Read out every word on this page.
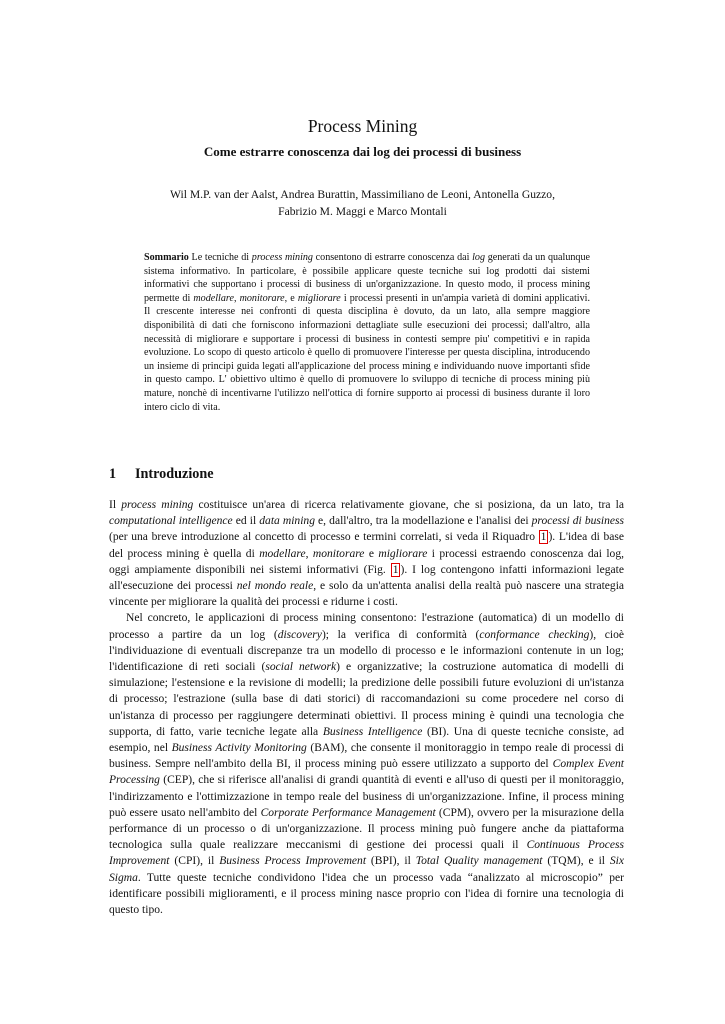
Process Mining
Come estrarre conoscenza dai log dei processi di business
Wil M.P. van der Aalst, Andrea Burattin, Massimiliano de Leoni, Antonella Guzzo,
Fabrizio M. Maggi e Marco Montali
Sommario Le tecniche di process mining consentono di estrarre conoscenza dai log generati da un qualunque sistema informativo. In particolare, è possibile applicare queste tecniche sui log prodotti dai sistemi informativi che supportano i processi di business di un'organizzazione. In questo modo, il process mining permette di modellare, monitorare, e migliorare i processi presenti in un'ampia varietà di domini applicativi. Il crescente interesse nei confronti di questa disciplina è dovuto, da un lato, alla sempre maggiore disponibilità di dati che forniscono informazioni dettagliate sulle esecuzioni dei processi; dall'altro, alla necessità di migliorare e supportare i processi di business in contesti sempre piu' competitivi e in rapida evoluzione. Lo scopo di questo articolo è quello di promuovere l'interesse per questa disciplina, introducendo un insieme di principi guida legati all'applicazione del process mining e individuando nuove importanti sfide in questo campo. L' obiettivo ultimo è quello di promuovere lo sviluppo di tecniche di process mining più mature, nonchè di incentivarne l'utilizzo nell'ottica di fornire supporto ai processi di business durante il loro intero ciclo di vita.
1 Introduzione

Il process mining costituisce un'area di ricerca relativamente giovane, che si posiziona, da un lato, tra la computational intelligence ed il data mining e, dall'altro, tra la modellazione e l'analisi dei processi di business (per una breve introduzione al concetto di processo e termini correlati, si veda il Riquadro 1 ). L'idea di base del process mining è quella di modellare, monitorare e migliorare i processi estraendo conoscenza dai log, oggi ampiamente disponibili nei sistemi informativi (Fig. 1 ). I log contengono infatti informazioni legate all'esecuzione dei processi nel mondo reale, e solo da un'attenta analisi della realtà può nascere una strategia vincente per migliorare la qualità dei processi e ridurne i costi.

Nel concreto, le applicazioni di process mining consentono: l'estrazione (automatica) di un modello di processo a partire da un log (discovery); la verifica di conformità (conformance checking), cioè l'individuazione di eventuali discrepanze tra un modello di processo e le informazioni contenute in un log; l'identificazione di reti sociali (social network) e organizzative; la costruzione automatica di modelli di simulazione; l'estensione e la revisione di modelli; la predizione delle possibili future evoluzioni di un'istanza di processo; l'estrazione (sulla base di dati storici) di raccomandazioni su come procedere nel corso di un'istanza di processo per raggiungere determinati obiettivi. Il process mining è quindi una tecnologia che supporta, di fatto, varie tecniche legate alla Business Intelligence (BI). Una di queste tecniche consiste, ad esempio, nel Business Activity Monitoring (BAM), che consente il monitoraggio in tempo reale di processi di business. Sempre nell'ambito della BI, il process mining può essere utilizzato a supporto del Complex Event Processing (CEP), che si riferisce all'analisi di grandi quantità di eventi e all'uso di questi per il monitoraggio, l'indirizzamento e l'ottimizzazione in tempo reale del business di un'organizzazione. Infine, il process mining può essere usato nell'ambito del Corporate Performance Management (CPM), ovvero per la misurazione della performance di un processo o di un'organizzazione. Il process mining può fungere anche da piattaforma tecnologica sulla quale realizzare meccanismi di gestione dei processi quali il Continuous Process Improvement (CPI), il Business Process Improvement (BPI), il Total Quality management (TQM), e il Six Sigma. Tutte queste tecniche condividono l'idea che un processo vada “analizzato al microscopio” per identificare possibili miglioramenti, e il process mining nasce proprio con l'idea di fornire una tecnologia di questo tipo.
